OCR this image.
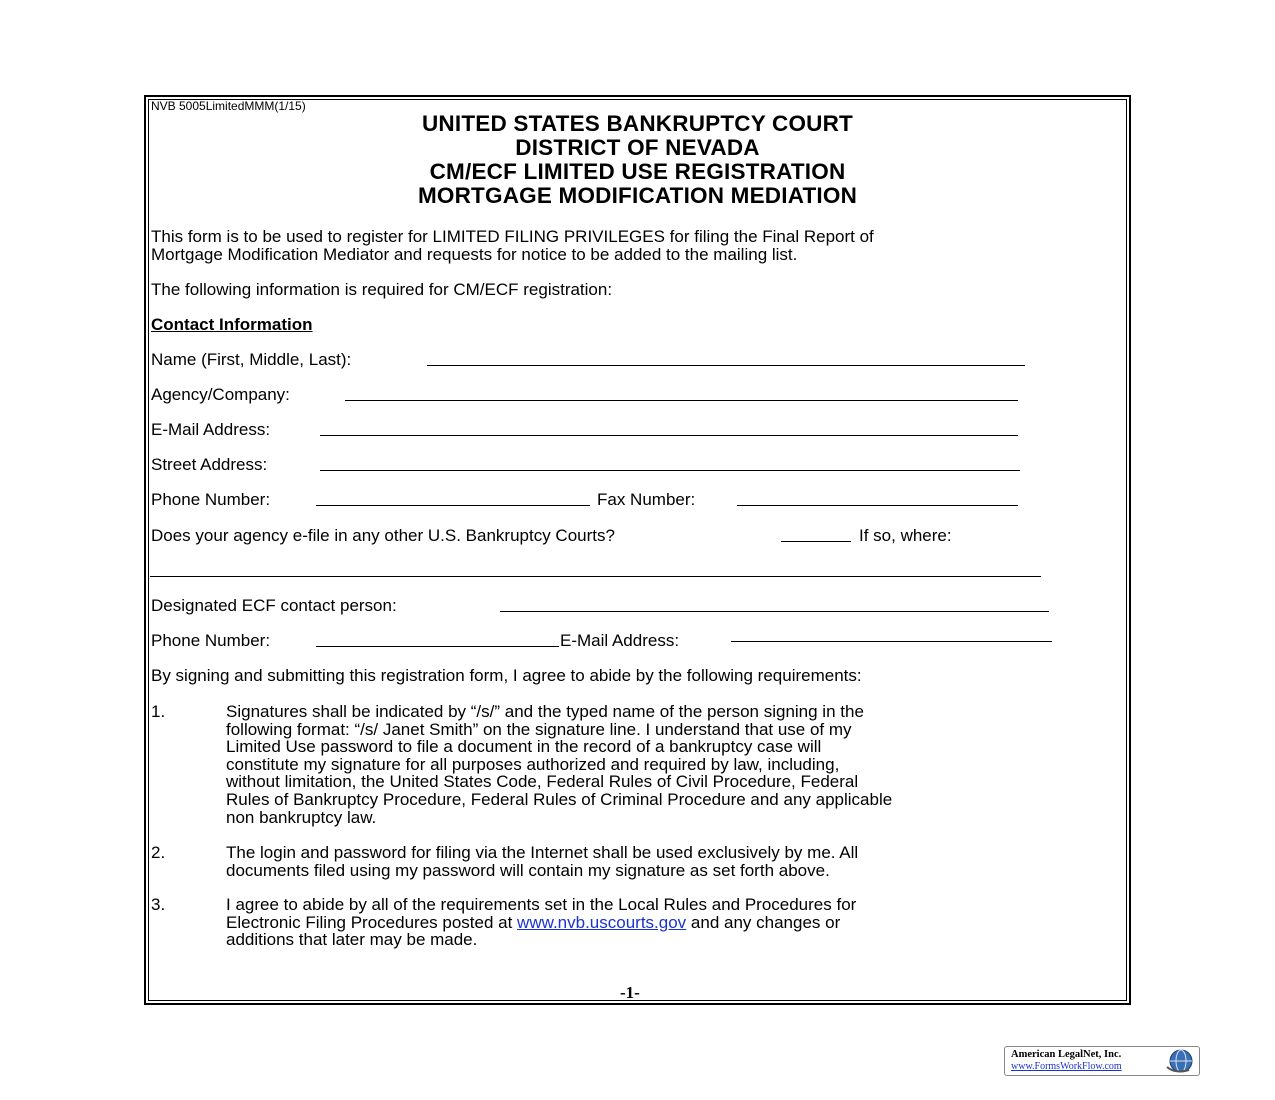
NVB 5005LimitedMMM(1/15)
UNITED STATES BANKRUPTCY COURT
DISTRICT OF NEVADA
CM/ECF LIMITED USE REGISTRATION
MORTGAGE MODIFICATION MEDIATION
This form is to be used to register for LIMITED FILING PRIVILEGES for filing the Final Report of
Mortgage Modification Mediator and requests for notice to be added to the mailing list.
The following information is required for CM/ECF registration:
Contact Information
Name (First, Middle, Last):
Agency/Company:
E-Mail Address:
Street Address:
Phone Number:	Fax Number:
Does your agency e-file in any other U.S. Bankruptcy Courts?	If so, where:
Designated ECF contact person:
Phone Number:	E-Mail Address:
By signing and submitting this registration form, I agree to abide by the following requirements:
1.	Signatures shall be indicated by “/s/” and the typed name of the person signing in the
following format: “/s/ Janet Smith” on the signature line. I understand that use of my
Limited Use password to file a document in the record of a bankruptcy case will
constitute my signature for all purposes authorized and required by law, including,
without limitation, the United States Code, Federal Rules of Civil Procedure, Federal
Rules of Bankruptcy Procedure, Federal Rules of Criminal Procedure and any applicable
non bankruptcy law.
2.	The login and password for filing via the Internet shall be used exclusively by me. All
documents filed using my password will contain my signature as set forth above.
3.	I agree to abide by all of the requirements set in the Local Rules and Procedures for
Electronic Filing Procedures posted at www.nvb.uscourts.gov and any changes or
additions that later may be made.
-1-
American LegalNet, Inc.
www.FormsWorkFlow.com
